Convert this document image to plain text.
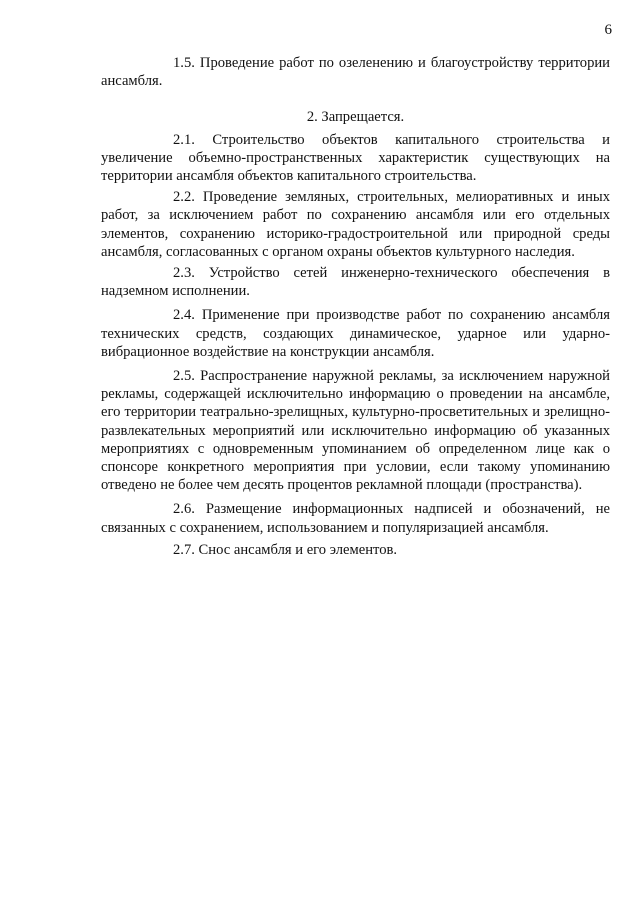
6

1.5. Проведение работ по озеленению и благоустройству территории ансамбля.

2. Запрещается.

2.1. Строительство объектов капитального строительства и увеличение объемно-пространственных характеристик существующих на территории ансамбля объектов капитального строительства.

2.2. Проведение земляных, строительных, мелиоративных и иных работ, за исключением работ по сохранению ансамбля или его отдельных элементов, сохранению историко-градостроительной или природной среды ансамбля, согласованных с органом охраны объектов культурного наследия.

2.3. Устройство сетей инженерно-технического обеспечения в надземном исполнении.

2.4. Применение при производстве работ по сохранению ансамбля технических средств, создающих динамическое, ударное или ударно-вибрационное воздействие на конструкции ансамбля.

2.5. Распространение наружной рекламы, за исключением наружной рекламы, содержащей исключительно информацию о проведении на ансамбле, его территории театрально-зрелищных, культурно-просветительных и зрелищно-развлекательных мероприятий или исключительно информацию об указанных мероприятиях с одновременным упоминанием об определенном лице как о спонсоре конкретного мероприятия при условии, если такому упоминанию отведено не более чем десять процентов рекламной площади (пространства).

2.6. Размещение информационных надписей и обозначений, не связанных с сохранением, использованием и популяризацией ансамбля.

2.7. Снос ансамбля и его элементов.
